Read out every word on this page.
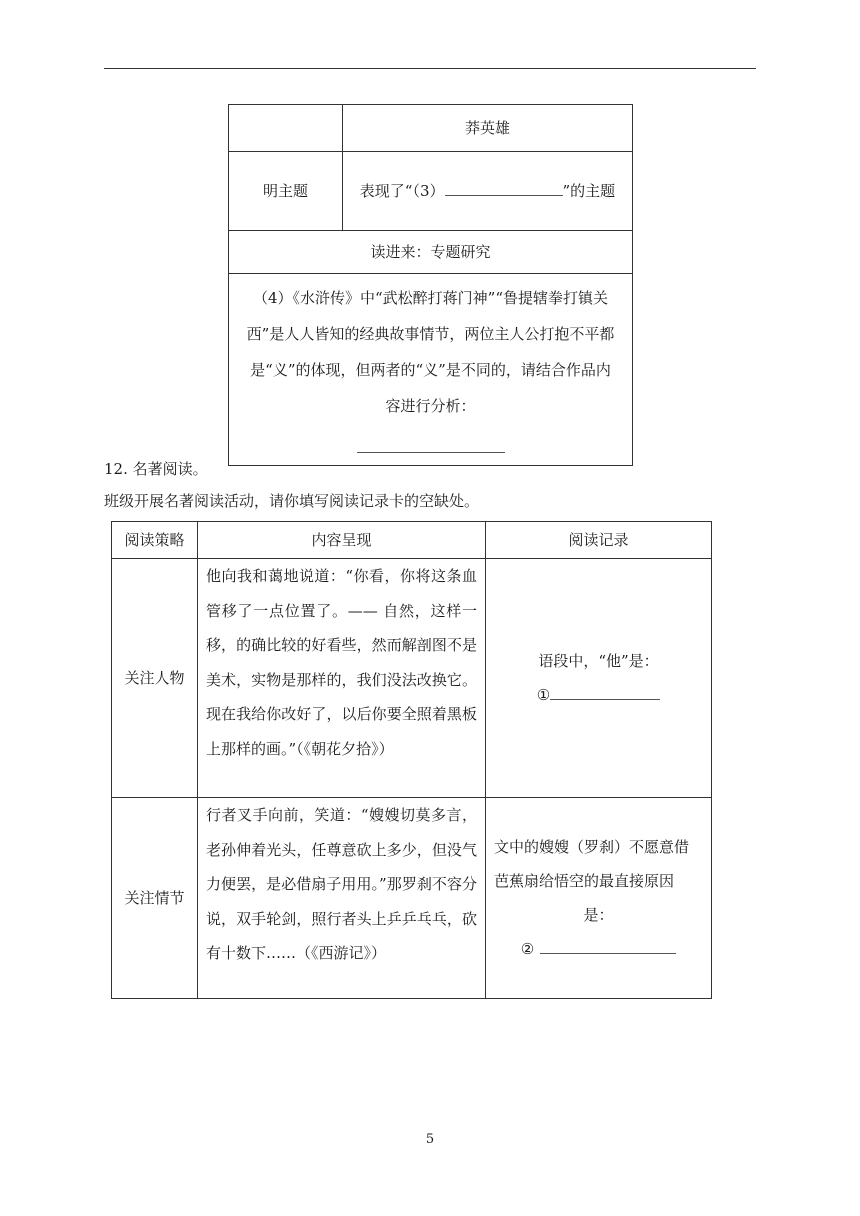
	莽英雄
明主题	表现了“（3） ”的主题
读进来：专题研究	

（4）《水浒传》中“武松醉打蒋门神”“鲁提辖拳打镇关西”是人人皆知的经典故事情节，两位主人公打抱不平都是“义”的体现，但两者的“义”是不同的，请结合作品内容进行分析：	
12. 名著阅读。
班级开展名著阅读活动，请你填写阅读记录卡的空缺处。
阅读策略	内容呈现	阅读记录
关注人物	他向我和蔼地说道：“你看，你将这条血管移了一点位置了。—— 自然，这样一移，的确比较的好看些，然而解剖图不是美术，实物是那样的，我们没法改换它。现在我给你改好了，以后你要全照着黑板上那样的画。”（《朝花夕拾》）	语段中，“他”是：
①

关注情节	行者叉手向前，笑道：“嫂嫂切莫多言，老孙伸着光头，任尊意砍上多少，但没气力便罢，是必借扇子用用。”那罗刹不容分说，双手轮剑，照行者头上乒乒乓乓，砍有十数下……（《西游记》）	文中的嫂嫂（罗刹）不愿意借芭蕉扇给悟空的最直接原因是：
②
5
